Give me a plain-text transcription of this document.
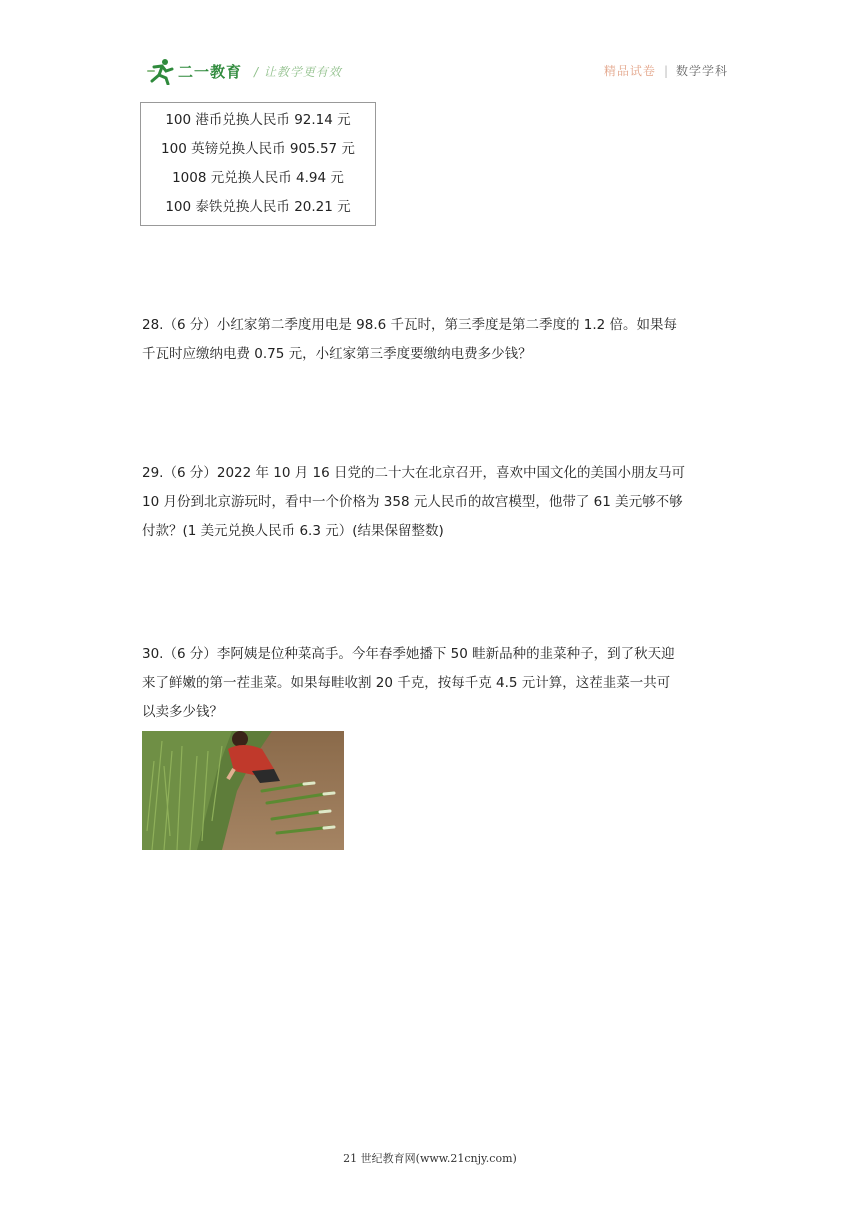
二一教育 / 让教学更有效	精品试卷 | 数学学科
100 港币兑换人民币 92.14 元
100 英镑兑换人民币 905.57 元
1008 元兑换人民币 4.94 元
100 泰铁兑换人民币 20.21 元
28.（6 分）小红家第二季度用电是 98.6 千瓦时，第三季度是第二季度的 1.2 倍。如果每
千瓦时应缴纳电费 0.75 元，小红家第三季度要缴纳电费多少钱？
29.（6 分）2022 年 10 月 16 日党的二十大在北京召开，喜欢中国文化的美国小朋友马可
10 月份到北京游玩时，看中一个价格为 358 元人民币的故宫模型，他带了 61 美元够不够
付款？(1 美元兑换人民币 6.3 元）(结果保留整数)
30.（6 分）李阿姨是位种菜高手。今年春季她播下 50 畦新品种的韭菜种子，到了秋天迎
来了鲜嫩的第一茬韭菜。如果每畦收割 20 千克，按每千克 4.5 元计算，这茬韭菜一共可
以卖多少钱？
21 世纪教育网(www.21cnjy.com)
